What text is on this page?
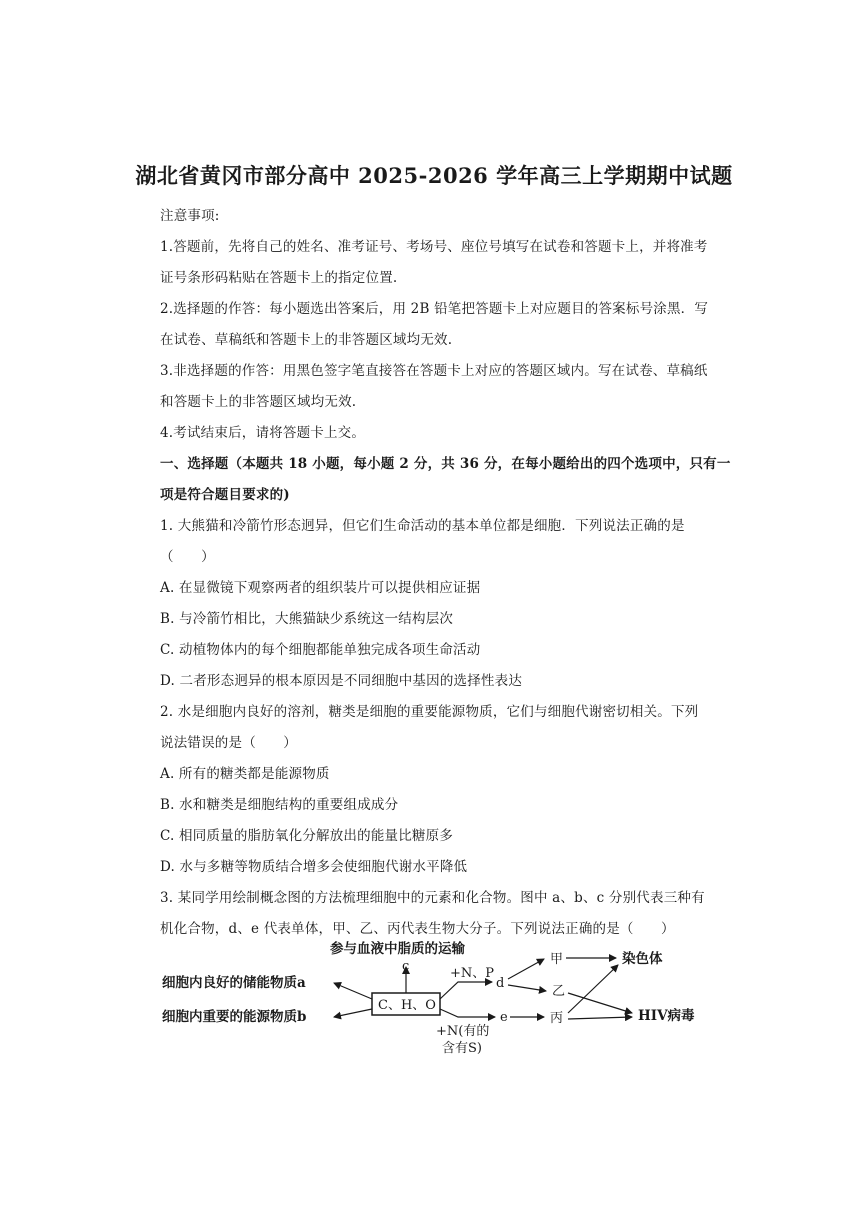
湖北省黄冈市部分高中 2025-2026 学年高三上学期期中试题
注意事项:
1.答题前，先将自己的姓名、准考证号、考场号、座位号填写在试卷和答题卡上，并将准考
证号条形码粘贴在答题卡上的指定位置.
2.选择题的作答：每小题选出答案后，用 2B 铅笔把答题卡上对应题目的答案标号涂黑．写
在试卷、草稿纸和答题卡上的非答题区域均无效.
3.非选择题的作答：用黑色签字笔直接答在答题卡上对应的答题区域内。写在试卷、草稿纸
和答题卡上的非答题区域均无效.
4.考试结束后，请将答题卡上交。
一、选择题（本题共 18 小题，每小题 2 分，共 36 分，在每小题给出的四个选项中，只有一
项是符合题目要求的)
1. 大熊猫和冷箭竹形态迥异，但它们生命活动的基本单位都是细胞．下列说法正确的是
（　　）
A. 在显微镜下观察两者的组织装片可以提供相应证据
B. 与冷箭竹相比，大熊猫缺少系统这一结构层次
C. 动植物体内的每个细胞都能单独完成各项生命活动
D. 二者形态迥异的根本原因是不同细胞中基因的选择性表达
2. 水是细胞内良好的溶剂，糖类是细胞的重要能源物质，它们与细胞代谢密切相关。下列
说法错误的是（　　）
A. 所有的糖类都是能源物质
B. 水和糖类是细胞结构的重要组成成分
C. 相同质量的脂肪氧化分解放出的能量比糖原多
D. 水与多糖等物质结合增多会使细胞代谢水平降低
3. 某同学用绘制概念图的方法梳理细胞中的元素和化合物。图中 a、b、c 分别代表三种有
机化合物，d、e 代表单体，甲、乙、丙代表生物大分子。下列说法正确的是（　　）
参与血液中脂质的运输
c
C、H、O
细胞内良好的储能物质a
细胞内重要的能源物质b
+N、P
d
e
+N(有的
含有S)
甲
乙
丙
染色体
HIV病毒
